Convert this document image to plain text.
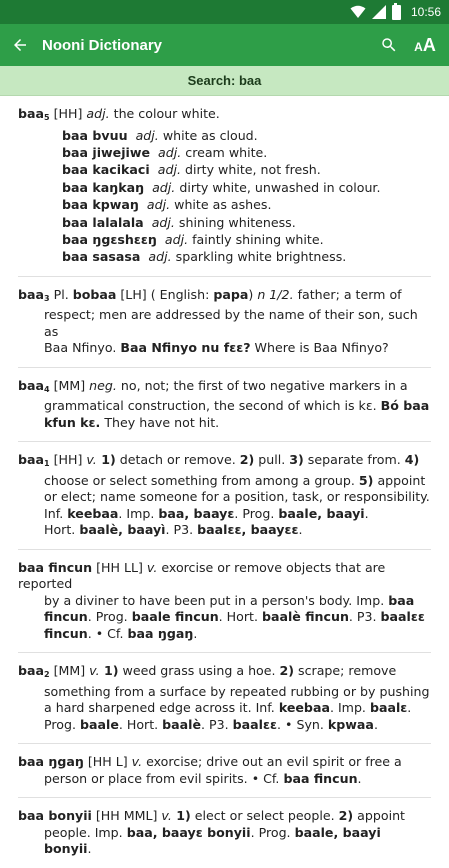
10:56
Nooni Dictionary	AA
Search: baa

baa$_5$ [HH] adj. the colour white.

baa bvuu adj. white as cloud.
baa jiwejiwe adj. cream white.
baa kacikaci adj. dirty white, not fresh.
baa kaŋkaŋ adj. dirty white, unwashed in colour.
baa kpwaŋ adj. white as ashes.
baa lalalala adj. shining whiteness.
baa ŋgɛshɛɛŋ adj. faintly shining white.
baa sasasa adj. sparkling white brightness.

baa$_3$ Pl. bobaa [LH] ( English: papa) n 1/2. father; a term of

respect; men are addressed by the name of their son, such as

Baa Nfinyo. Baa Nfinyo nu fɛɛ? Where is Baa Nfinyo?

baa$_4$ [MM] neg. no, not; the first of two negative markers in a

grammatical construction, the second of which is kɛ. Bó baa

kfun kɛ. They have not hit.

baa$_1$ [HH] v. 1) detach or remove. 2) pull. 3) separate from. 4)

choose or select something from among a group. 5) appoint

or elect; name someone for a position, task, or responsibility.

Inf. keebaa. Imp. baa, baayɛ. Prog. baale, baayi.

Hort. baalè, baayì. P3. baalɛɛ, baayɛɛ.

baa fincun [HH LL] v. exorcise or remove objects that are reported

by a diviner to have been put in a person's body. Imp. baa

fincun. Prog. baale fincun. Hort. baalè fincun. P3. baalɛɛ

fincun. • Cf. baa ŋgaŋ.

baa$_2$ [MM] v. 1) weed grass using a hoe. 2) scrape; remove

something from a surface by repeated rubbing or by pushing

a hard sharpened edge across it. Inf. keebaa. Imp. baalɛ.

Prog. baale. Hort. baalè. P3. baalɛɛ. • Syn. kpwaa.

baa ŋgaŋ [HH L] v. exorcise; drive out an evil spirit or free a

person or place from evil spirits. • Cf. baa fincun.

baa bonyii [HH MML] v. 1) elect or select people. 2) appoint

people. Imp. baa, baayɛ bonyii. Prog. baale, baayi bonyii.
